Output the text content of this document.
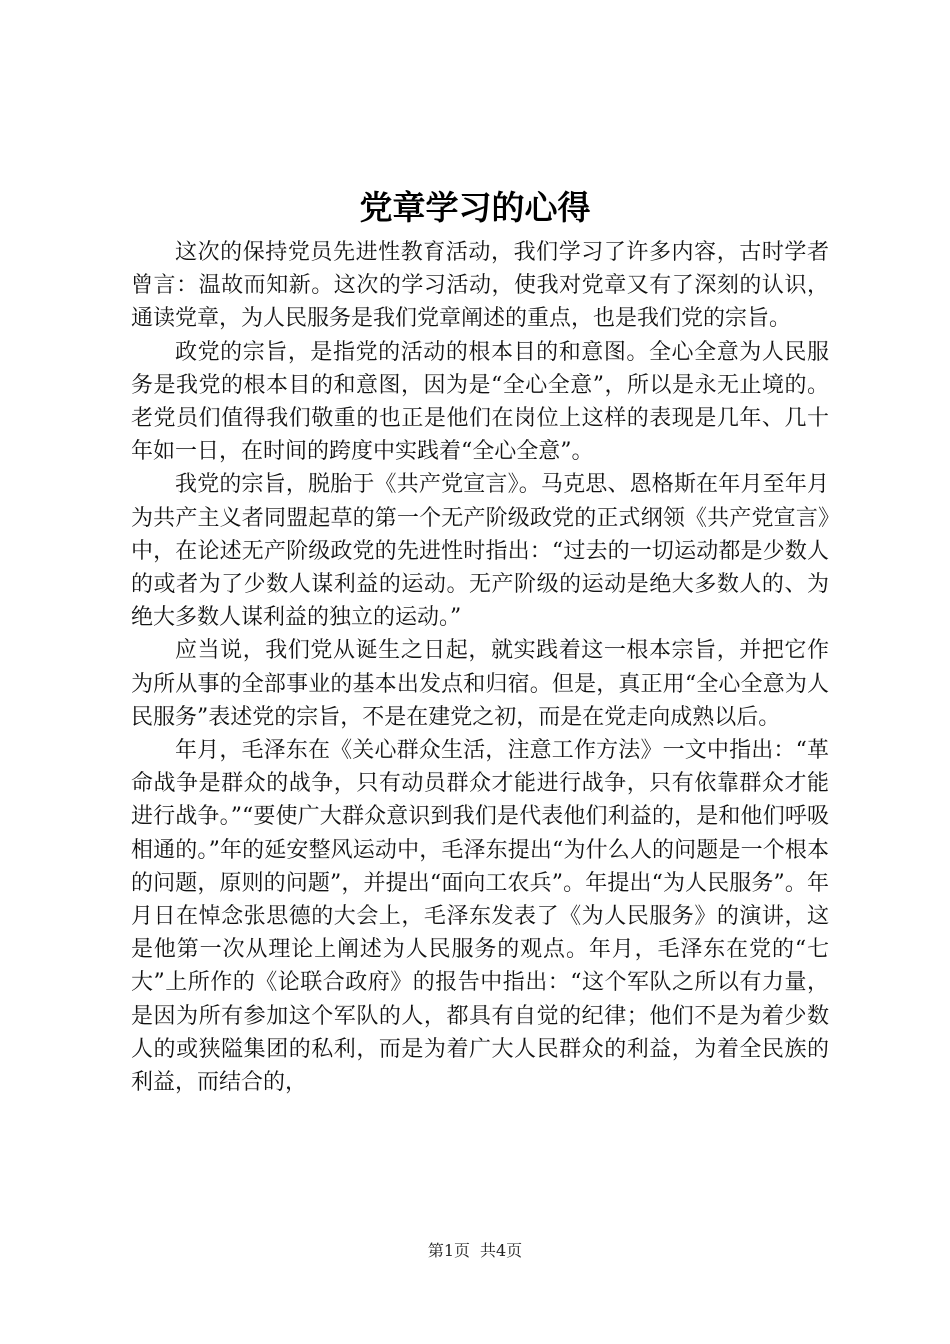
党章学习的心得

这次的保持党员先进性教育活动，我们学习了许多内容，古时学者曾言：温故而知新。这次的学习活动，使我对党章又有了深刻的认识，通读党章，为人民服务是我们党章阐述的重点，也是我们党的宗旨。

政党的宗旨，是指党的活动的根本目的和意图。全心全意为人民服务是我党的根本目的和意图，因为是“全心全意”，所以是永无止境的。老党员们值得我们敬重的也正是他们在岗位上这样的表现是几年、几十年如一日，在时间的跨度中实践着“全心全意”。

我党的宗旨，脱胎于《共产党宣言》。马克思、恩格斯在年月至年月为共产主义者同盟起草的第一个无产阶级政党的正式纲领《共产党宣言》中，在论述无产阶级政党的先进性时指出：“过去的一切运动都是少数人的或者为了少数人谋利益的运动。无产阶级的运动是绝大多数人的、为绝大多数人谋利益的独立的运动。”

应当说，我们党从诞生之日起，就实践着这一根本宗旨，并把它作为所从事的全部事业的基本出发点和归宿。但是，真正用“全心全意为人民服务”表述党的宗旨，不是在建党之初，而是在党走向成熟以后。

年月，毛泽东在《关心群众生活，注意工作方法》一文中指出：“革命战争是群众的战争，只有动员群众才能进行战争，只有依靠群众才能进行战争。”“要使广大群众意识到我们是代表他们利益的，是和他们呼吸相通的。”年的延安整风运动中，毛泽东提出“为什么人的问题是一个根本的问题，原则的问题”，并提出“面向工农兵”。年提出“为人民服务”。年月日在悼念张思德的大会上，毛泽东发表了《为人民服务》的演讲，这是他第一次从理论上阐述为人民服务的观点。年月，毛泽东在党的“七大”上所作的《论联合政府》的报告中指出：“这个军队之所以有力量，是因为所有参加这个军队的人，都具有自觉的纪律；他们不是为着少数人的或狭隘集团的私利，而是为着广大人民群众的利益，为着全民族的利益，而结合的，

第1页 共4页
